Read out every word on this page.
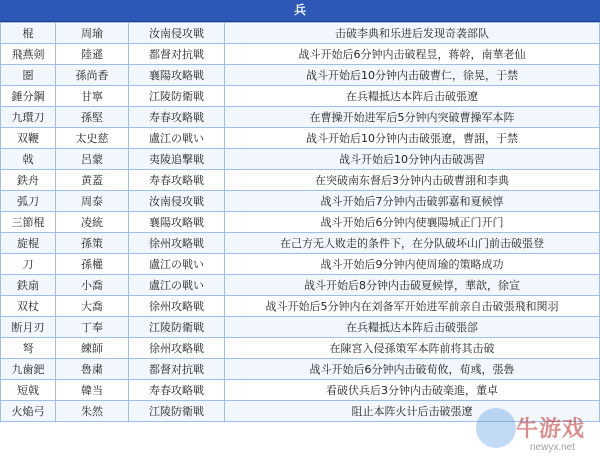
兵
棍	周瑜	汝南侵攻戦	击破李典和乐进后发现奇袭部队
飛燕剣	陸遜	都督对抗戦	战斗开始后6分钟内击破程昱，蒋幹，南華老仙
圏	孫尚香	襄陽攻略戦	战斗开始后10分钟内击破曹仁，徐晃，于禁
錘分鋼	甘寧	江陵防衛戦	在兵糧抵达本阵后击破張遼
九環刀	孫堅	寿春攻略戦	在曹操开始进军后5分钟内突破曹操军本阵
双鞭	太史慈	盧江の戦い	战斗开始后10分钟内击破張遼，曹詡，于禁
戟	呂蒙	夷陵追撃戦	战斗开始后10分钟内击破馮習
鉄舟	黄蓋	寿春攻略戦	在突破南东督后3分钟内击破曹詡和李典
弧刀	周泰	汝南侵攻戦	战斗开始后7分钟内击破郭嘉和夏候惇
三節棍	凌統	襄陽攻略戦	战斗开始后6分钟内使襄陽城正门开门
旋棍	孫策	徐州攻略戦	在己方无人败走的条件下，在分队破坏山门前击破張登
刀	孫權	盧江の戦い	战斗开始后9分钟内使周瑜的策略成功
鉄扇	小喬	盧江の戦い	战斗开始后8分钟内击破夏候惇，華歆，徐宣
双杖	大喬	徐州攻略戦	战斗开始后5分钟内在刘备军开始进军前亲自击破張飛和関羽
断月刃	丁奉	江陵防衛戦	在兵糧抵达本阵后击破張郃
弩	練師	徐州攻略戦	在陳宮入侵孫策军本阵前将其击破
九歯鈀	魯粛	都督对抗戦	战斗开始后6分钟内击破荀攸，荀彧，張魯
短戟	韓当	寿春攻略戦	看破伏兵后3分钟内击破楽進，董卓
火焔弓	朱然	江陵防衛戦	阻止本阵火计后击破張遼
牛游戏
newyx.net
